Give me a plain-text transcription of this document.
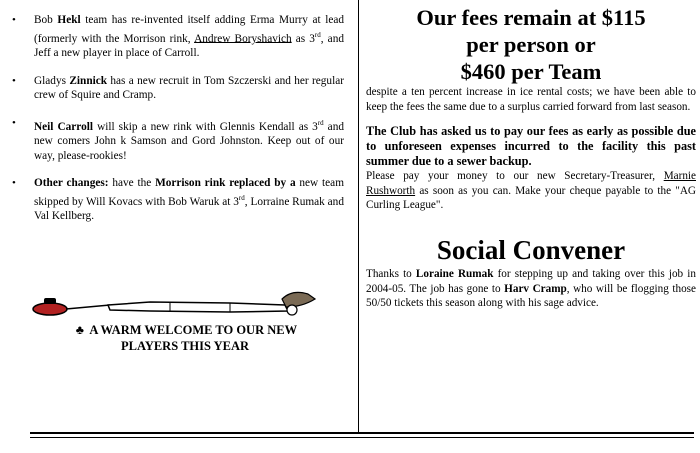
• Bob Hekl team has re-invented itself adding Erma Murry at lead (formerly with the Morrison rink, Andrew Boryshavich as 3rd, and Jeff a new player in place of Carroll.
• Gladys Zinnick has a new recruit in Tom Szczerski and her regular crew of Squire and Cramp.
• Neil Carroll will skip a new rink with Glennis Kendall as 3rd and new comers John k Samson and Gord Johnston. Keep out of our way, please-rookies!
• Other changes: have the Morrison rink replaced by a new team skipped by Will Kovacs with Bob Waruk at 3rd, Lorraine Rumak and Val Kellberg.
♣ A WARM WELCOME TO OUR NEW
PLAYERS THIS YEAR
Our fees remain at $115
per person or
$460 per Team

despite a ten percent increase in ice rental costs; we have been able to keep the fees the same due to a surplus carried forward from last season.

The Club has asked us to pay our fees as early as possible due to unforeseen expenses incurred to the facility this past summer due to a sewer backup.

Please pay your money to our new Secretary-Treasurer, Marnie Rushworth as soon as you can. Make your cheque payable to the "AG Curling League".

Social Convener

Thanks to Loraine Rumak for stepping up and taking over this job in 2004-05. The job has gone to Harv Cramp, who will be flogging those 50/50 tickets this season along with his sage advice.
